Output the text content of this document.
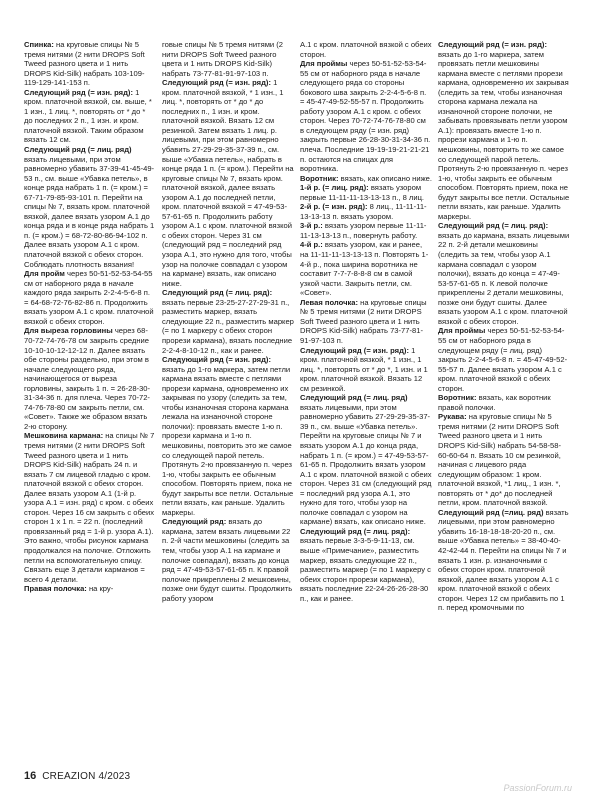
Спинка: на круговые спицы № 5 тремя нитями (2 нити DROPS Soft Tweed разного цвета и 1 нить DROPS Kid-Silk) набрать 103-109-119-129-141-153 п.
Следующий ряд (= изн. ряд): 1 кром. платочной вязкой, см. выше, * 1 изн., 1 лиц. *, повторять от * до * до последних 2 п., 1 изн. и кром. платочной вязкой. Таким образом вязать 12 см.
Следующий ряд (= лиц. ряд) вязать лицевыми, при этом равномерно убавить 37-39-41-45-49-53 п., см. выше «Убавка петель», в конце ряда набрать 1 п. (= кром.) = 67-71-79-85-93-101 п. Перейти на спицы № 7, вязать кром. платочной вязкой, далее вязать узором А.1 до конца ряда и в конце ряда набрать 1 п. (= кром.) = 68-72-80-86-94-102 п. Далее вязать узором А.1 с кром. платочной вязкой с обеих сторон. Соблюдать плотность вязания!
Для пройм через 50-51-52-53-54-55 см от наборного ряда в начале каждого ряда закрыть 2-2-4-5-6-8 п. = 64-68-72-76-82-86 п. Продолжить вязать узором А.1 с кром. платочной вязкой с обеих сторон.
Для выреза горловины через 68-70-72-74-76-78 см закрыть средние 10-10-10-12-12-12 п. Далее вязать обе стороны раздельно, при этом в начале следующего ряда, начинающегося от выреза горловины, закрыть 1 п. = 26-28-30-31-34-36 п. для плеча. Через 70-72-74-76-78-80 см закрыть петли, см. «Совет». Также же образом вязать 2-ю сторону.
Мешковина кармана: на спицы № 7 тремя нитями (2 нити DROPS Soft Tweed разного цвета и 1 нить DROPS Kid-Silk) набрать 24 п. и вязать 7 см лицевой гладью с кром. платочной вязкой с обеих сторон. Далее вязать узором А.1 (1-й р. узора А.1 = изн. ряд) с кром. с обеих сторон. Через 16 см закрыть с обеих сторон 1 х 1 п. = 22 п. (последний провязанный ряд = 1-й р. узора А.1). Это важно, чтобы рисунок кармана продолжался на полочке. Отложить петли на вспомогательную спицу. Связать еще 3 детали карманов = всего 4 детали.
Правая полочка: на кру-
говые спицы № 5 тремя нитями (2 нити DROPS Soft Tweed разного цвета и 1 нить DROPS Kid-Silk) набрать 73-77-81-91-97-103 п.
Следующий ряд (= изн. ряд): 1 кром. платочной вязкой, * 1 изн., 1 лиц. *, повторять от * до * до последних п., 1 изн. и кром. платочной вязкой. Вязать 12 см резинкой. Затем вязать 1 лиц. р. лицевыми, при этом равномерно убавить 27-29-29-35-37-39 п., см. выше «Убавка петель», набрать в конце ряда 1 п. (= кром.). Перейти на круговые спицы № 7, вязать кром. платочной вязкой, далее вязать узором А.1 до последней петли, кром. платочной вязкой = 47-49-53-57-61-65 п. Продолжить работу узором А.1 с кром. платочной вязкой с обеих сторон. Через 31 см (следующий ряд = последний ряд узора А.1, это нужно для того, чтобы узор на полочке совпадал с узором на кармане) вязать, как описано ниже.
Следующий ряд (= лиц. ряд): вязать первые 23-25-27-27-29-31 п., разместить маркер, вязать следующие 22 п., разместить маркер (= по 1 маркеру с обеих сторон прорези кармана), вязать последние 2-2-4-8-10-12 п., как и ранее.
Следующий ряд (= изн. ряд): вязать до 1-го маркера, затем петли кармана вязать вместе с петлями прорези кармана, одновременно их закрывая по узору (следить за тем, чтобы изнаночная сторона кармана лежала на изнаночной стороне полочки): провязать вместе 1-ю п. прорези кармана и 1-ю п. мешковины, повторить это же самое со следующей парой петель. Протянуть 2-ю провязанную п. через 1-ю, чтобы закрыть ее обычным способом. Повторять прием, пока не будут закрыты все петли. Остальные петли вязать, как раньше. Удалить маркеры.
Следующий ряд: вязать до кармана, затем вязать лицевыми 22 п. 2-й части мешковины (следить за тем, чтобы узор А.1 на кармане и полочке совпадал), вязать до конца ряд = 47-49-53-57-61-65 п. К правой полочке прикреплены 2 мешковины, позже они будут сшиты. Продолжить работу узором
А.1 с кром. платочной вязкой с обеих сторон.
Для проймы через 50-51-52-53-54-55 см от наборного ряда в начале следующего ряда со стороны бокового шва закрыть 2-2-4-5-6-8 п. = 45-47-49-52-55-57 п. Продолжить работу узором А.1 с кром. с обеих сторон. Через 70-72-74-76-78-80 см в следующем ряду (= изн. ряд) закрыть первые 26-28-30-31-34-36 п. плеча. Последние 19-19-19-21-21-21 п. остаются на спицах для воротника.
Воротник: вязать, как описано ниже.
1-й р. (= лиц. ряд): вязать узором первые 11-11-11-13-13-13 п., 8 лиц.
2-й р. (= изн. ряд): 8 лиц., 11-11-11-13-13-13 п. вязать узором.
3-й р.: вязать узором первые 11-11-11-13-13-13 п., повернуть работу.
4-й р.: вязать узором, как и ранее, на 11-11-11-13-13-13 п. Повторять 1-4-й р., пока ширина воротника не составит 7-7-7-8-8-8 см в самой узкой части. Закрыть петли, см. «Совет».
Левая полочка: на круговые спицы № 5 тремя нитями (2 нити DROPS Soft Tweed разного цвета и 1 нить DROPS Kid-Silk) набрать 73-77-81-91-97-103 п.
Следующий ряд (= изн. ряд): 1 кром. платочной вязкой, * 1 изн., 1 лиц. *, повторять от * до *, 1 изн. и 1 кром. платочной вязкой. Вязать 12 см резинкой.
Следующий ряд (= лиц. ряд) вязать лицевыми, при этом равномерно убавить 27-29-29-35-37-39 п., см. выше «Убавка петель». Перейти на круговые спицы № 7 и вязать узором А.1 до конца ряда, набрать 1 п. (= кром.) = 47-49-53-57-61-65 п. Продолжить вязать узором А.1 с кром. платочной вязкой с обеих сторон. Через 31 см (следующий ряд = последний ряд узора А.1, это нужно для того, чтобы узор на полочке совпадал с узором на кармане) вязать, как описано ниже.
Следующий ряд (= лиц. ряд): вязать первые 3-3-5-9-11-13, см. выше «Примечание», разместить маркер, вязать следующие 22 п., разместить маркер (= по 1 маркеру с обеих сторон прорези кармана), вязать последние 22-24-26-26-28-30 п., как и ранее.
Следующий ряд (= изн. ряд): вязать до 1-го маркера, затем провязать петли мешковины кармана вместе с петлями прорези кармана, одновременно их закрывая (следить за тем, чтобы изнаночная сторона кармана лежала на изнаночной стороне полочки, не забывать провязывать петли узором А.1): провязать вместе 1-ю п. прорези кармана и 1-ю п. мешковины, повторить то же самое со следующей парой петель. Протянуть 2-ю провязанную п. через 1-ю, чтобы закрыть ее обычным способом. Повторять прием, пока не будут закрыты все петли. Остальные петли вязать, как раньше. Удалить маркеры.
Следующий ряд (= лиц. ряд): вязать до кармана, вязать лицевыми 22 п. 2-й детали мешковины (следить за тем, чтобы узор А.1 кармана совпадал с узором полочки), вязать до конца = 47-49-53-57-61-65 п. К левой полочке прикреплены 2 детали мешковины, позже они будут сшиты. Далее вязать узором А.1 с кром. платочной вязкой с обеих сторон.
Для проймы через 50-51-52-53-54-55 см от наборного ряда в следующем ряду (= лиц. ряд) закрыть 2-2-4-5-6-8 п. = 45-47-49-52-55-57 п. Далее вязать узором А.1 с кром. платочной вязкой с обеих сторон.
Воротник: вязать, как воротник правой полочки.
Рукава: на круговые спицы № 5 тремя нитями (2 нити DROPS Soft Tweed разного цвета и 1 нить DROPS Kid-Silk) набрать 54-58-58-60-60-64 п. Вязать 10 см резинкой, начиная с лицевого ряда следующим образом: 1 кром. платочной вязкой, *1 лиц., 1 изн. *, повторять от * до* до последней петли, кром. платочной вязкой.
Следующий ряд (=лиц. ряд) вязать лицевыми, при этом равномерно убавить 16-18-18-18-20-20 п., см. выше «Убавка петель» = 38-40-40-42-42-44 п. Перейти на спицы № 7 и вязать 1 изн. р. изнаночными с обеих сторон кром. платочной вязкой, далее вязать узором А.1 с кром. платочной вязкой с обеих сторон. Через 12 см прибавить по 1 п. перед кромочными по
16 CREAZION 4/2023
PassionForum.ru
